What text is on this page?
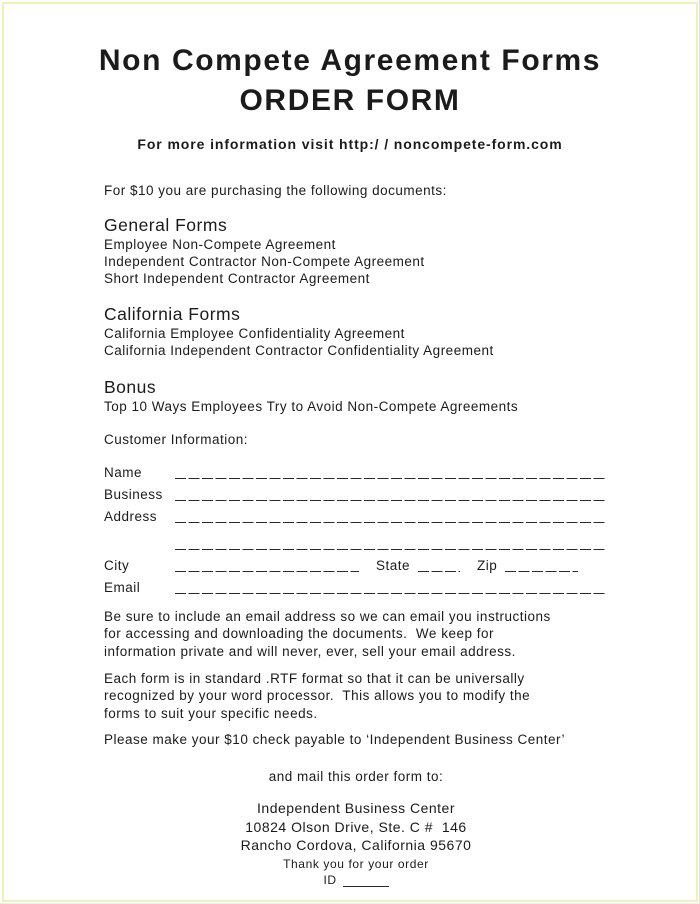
Non Compete Agreement Forms
ORDER FORM
For more information visit http:/ / noncompete-form.com
For $10 you are purchasing the following documents:
General Forms
Employee Non-Compete Agreement
Independent Contractor Non-Compete Agreement
Short Independent Contractor Agreement
California Forms
California Employee Confidentiality Agreement
California Independent Contractor Confidentiality Agreement
Bonus
Top 10 Ways Employees Try to Avoid Non-Compete Agreements
Customer Information:
Name
Business
Address
City	State	Zip
Email
Be sure to include an email address so we can email you instructions
for accessing and downloading the documents.  We keep for
information private and will never, ever, sell your email address.
Each form is in standard .RTF format so that it can be universally
recognized by your word processor.  This allows you to modify the
forms to suit your specific needs.
Please make your $10 check payable to ‘Independent Business Center’
and mail this order form to:
Independent Business Center
10824 Olson Drive, Ste. C #  146
Rancho Cordova, California 95670
Thank you for your order
ID
